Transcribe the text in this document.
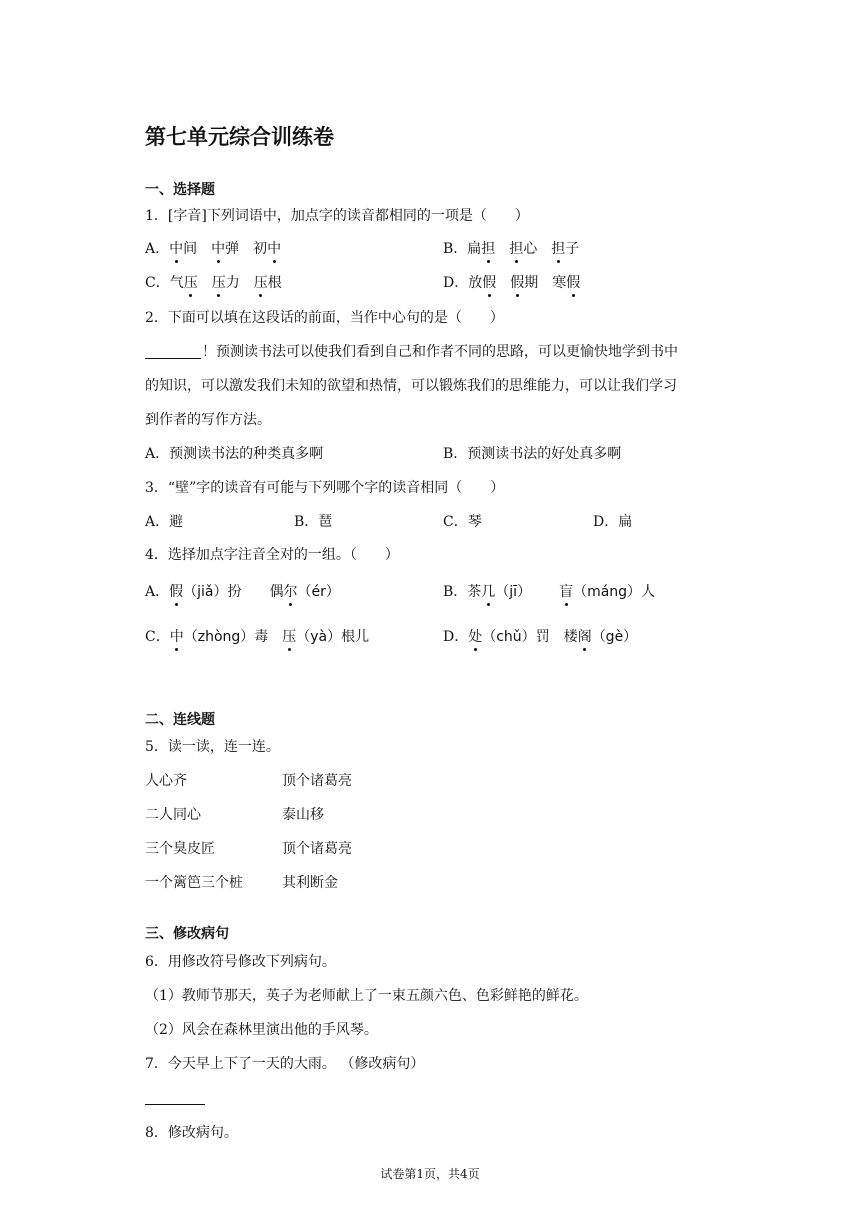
第七单元综合训练卷
一、选择题
1．[字音]下列词语中，加点字的读音都相同的一项是（　　）
A．中间  中弹  初中	B．扁担  担心  担子
C．气压  压力  压根	D．放假  假期  寒假
2．下面可以填在这段话的前面，当作中心句的是（　　）
！预测读书法可以使我们看到自己和作者不同的思路，可以更愉快地学到书中
的知识，可以激发我们未知的欲望和热情，可以锻炼我们的思维能力，可以让我们学习
到作者的写作方法。
A．预测读书法的种类真多啊	B．预测读书法的好处真多啊
3．“壁”字的读音有可能与下列哪个字的读音相同（　　）
A．避	B．琶	C．琴	D．扁
4．选择加点字注音全对的一组。（　　）
A．假（jiǎ）扮   偶尔（ér）	B．茶几（jī）   盲（máng）人
C．中（zhòng）毒  压（yà）根儿	D．处（chǔ）罚  楼阁（gè）
二、连线题
5．读一读，连一连。
人心齐	顶个诸葛亮
二人同心	泰山移
三个臭皮匠	顶个诸葛亮
一个篱笆三个桩	其利断金
三、修改病句
6．用修改符号修改下列病句。
（1）教师节那天，英子为老师献上了一束五颜六色、色彩鲜艳的鲜花。
（2）风会在森林里演出他的手风琴。
7．今天早上下了一天的大雨。 （修改病句）
8．修改病句。
试卷第1页，共4页
